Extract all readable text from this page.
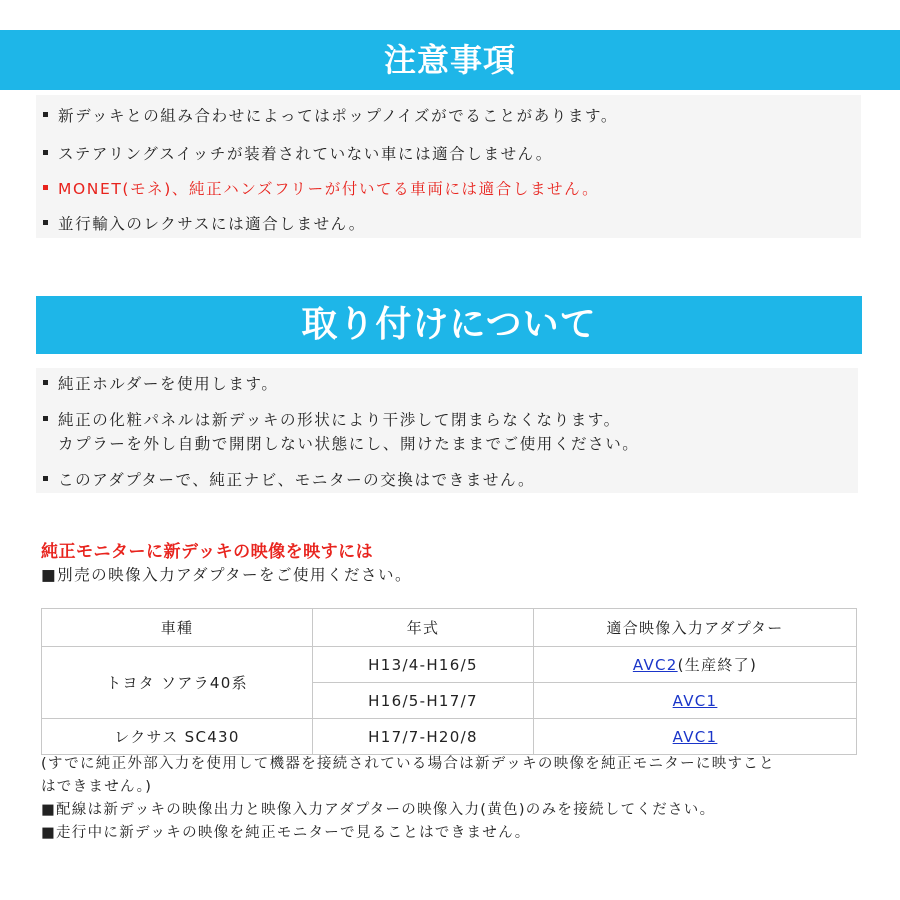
注意事項
新デッキとの組み合わせによってはポップノイズがでることがあります。
ステアリングスイッチが装着されていない車には適合しません。
MONET(モネ)、純正ハンズフリーが付いてる車両には適合しません。
並行輸入のレクサスには適合しません。
取り付けについて
純正ホルダーを使用します。
純正の化粧パネルは新デッキの形状により干渉して閉まらなくなります。
カプラーを外し自動で開閉しない状態にし、開けたままでご使用ください。
このアダプターで、純正ナビ、モニターの交換はできません。
純正モニターに新デッキの映像を映すには
■別売の映像入力アダプターをご使用ください。
車種	年式	適合映像入力アダプター
トヨタ ソアラ40系	H13/4-H16/5	AVC2(生産終了)
	H16/5-H17/7	AVC1
レクサス SC430	H17/7-H20/8	AVC1
(すでに純正外部入力を使用して機器を接続されている場合は新デッキの映像を純正モニターに映すこと
はできません。)
■配線は新デッキの映像出力と映像入力アダプターの映像入力(黄色)のみを接続してください。
■走行中に新デッキの映像を純正モニターで見ることはできません。
